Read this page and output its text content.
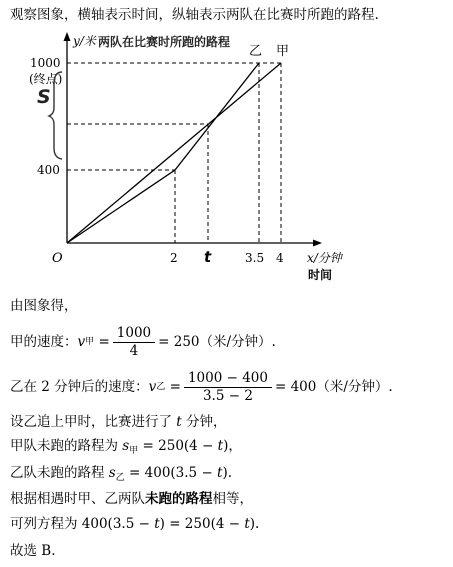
观察图象，横轴表示时间，纵轴表示两队在比赛时所跑的路程.
y/米 两队在比赛时所跑的路程
1000
(终点)
400
S
O	2 t	3.5 4 x/分钟
时间
乙 甲
由图象得，
甲的速度： v 甲 = $\frac{1000}{4} = 250$（米/分钟）.
乙在 2 分钟后的速度： v 乙 = $\frac{1000 - 400}{3.5 - 2} = 400$（米/分钟）.
设乙追上甲时，比赛进行了 t 分钟，
甲队未跑的路程为 $s_甲 = 250(4 - t)$，
乙队未跑的路程 $s_乙 = 400(3.5 - t)$.
根据相遇时甲、乙两队未跑的路程相等，
可列方程为 400(3.5 − t) = 250(4 − t).
故选 B.
